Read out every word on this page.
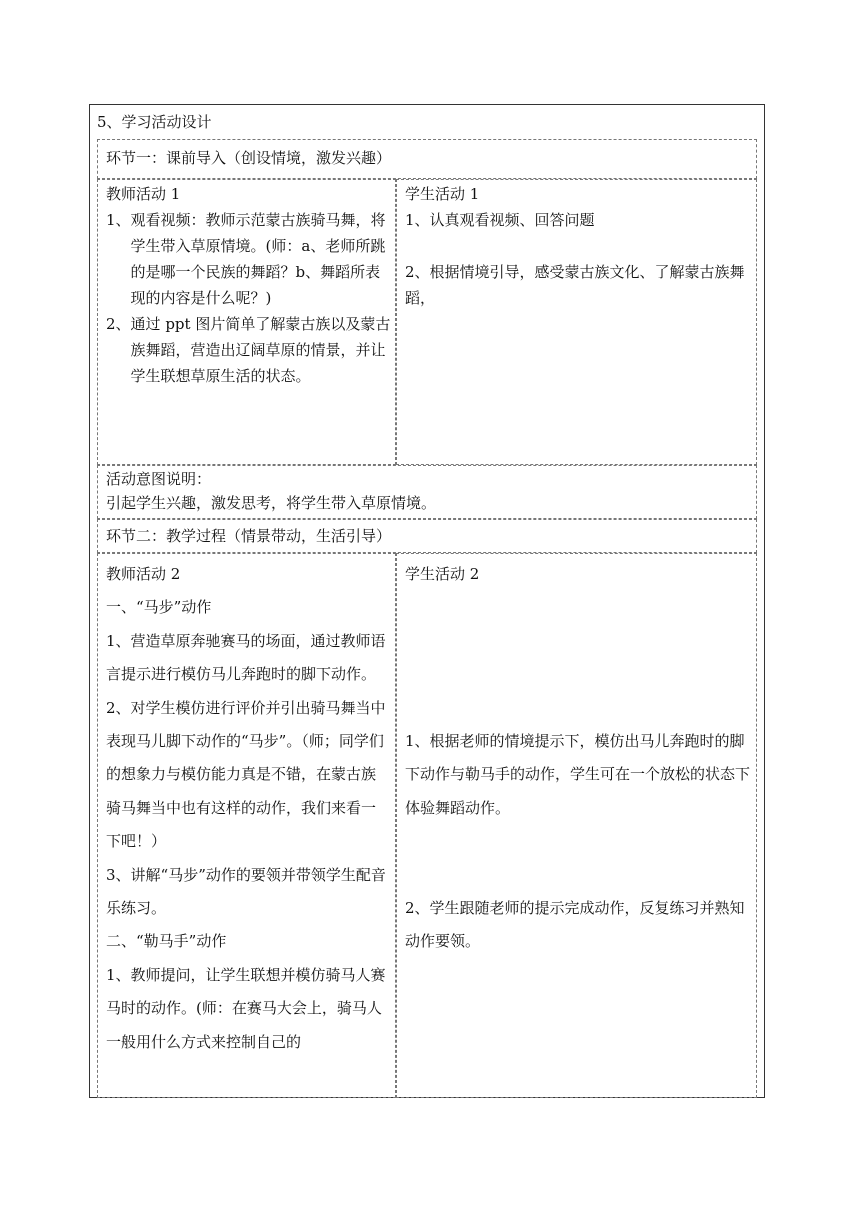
5、学习活动设计
环节一：课前导入（创设情境，激发兴趣）
教师活动 1
1、 观看视频：教师示范蒙古族骑马舞，将学生带入草原情境。(师：a、老师所跳的是哪一个民族的舞蹈？b、舞蹈所表现的内容是什么呢？)
2、 通过 ppt 图片简单了解蒙古族以及蒙古族舞蹈，营造出辽阔草原的情景，并让学生联想草原生活的状态。
学生活动 1
1、认真观看视频、回答问题
2、根据情境引导，感受蒙古族文化、了解蒙古族舞蹈，
活动意图说明：
引起学生兴趣，激发思考，将学生带入草原情境。
环节二：教学过程（情景带动，生活引导）
教师活动 2
一、“马步”动作

1、营造草原奔驰赛马的场面，通过教师语言提示进行模仿马儿奔跑时的脚下动作。

2、对学生模仿进行评价并引出骑马舞当中表现马儿脚下动作的“马步”。（师；同学们的想象力与模仿能力真是不错，在蒙古族骑马舞当中也有这样的动作，我们来看一下吧！）

3、讲解“马步”动作的要领并带领学生配音乐练习。

二、“勒马手”动作

1、教师提问，让学生联想并模仿骑马人赛马时的动作。(师：在赛马大会上，骑马人一般用什么方式来控制自己的

学生活动 2

1、根据老师的情境提示下，模仿出马儿奔跑时的脚下动作与勒马手的动作，学生可在一个放松的状态下体验舞蹈动作。

2、学生跟随老师的提示完成动作，反复练习并熟知动作要领。
